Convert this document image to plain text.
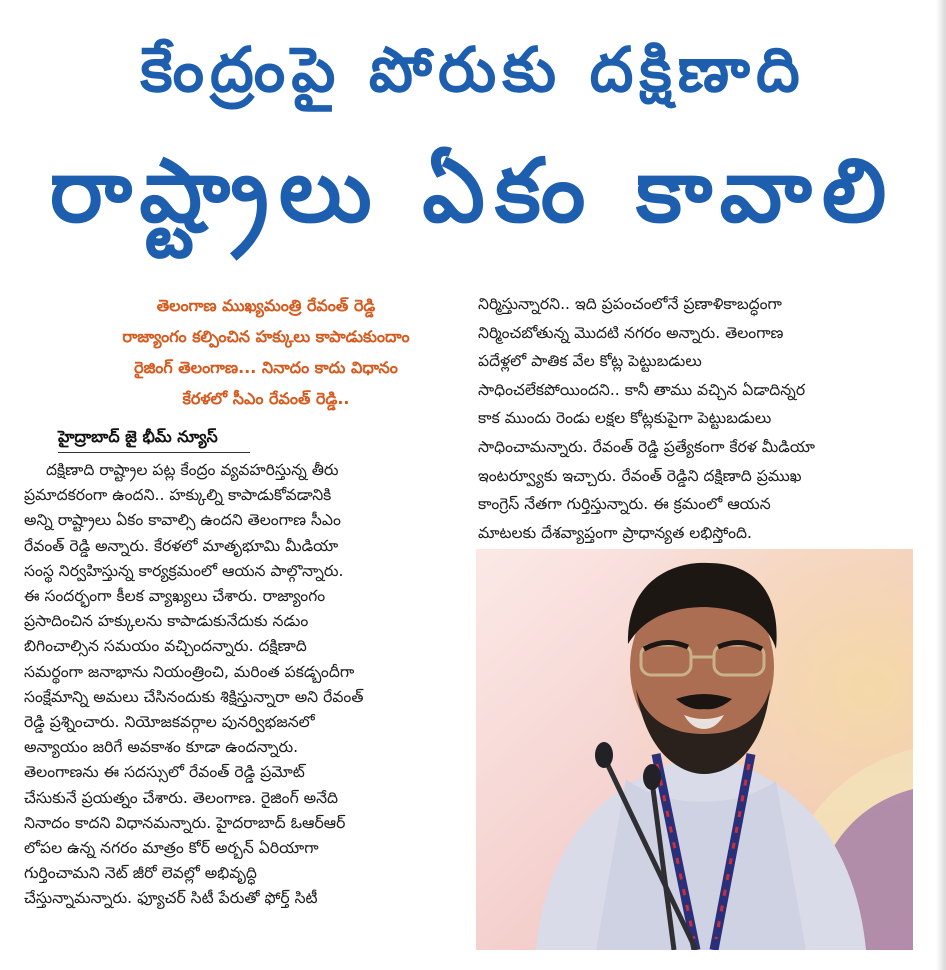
కేంద్రంపై పోరుకు దక్షిణాది
రాష్ట్రాలు ఏకం కావాలి
తెలంగాణ ముఖ్యమంత్రి రేవంత్ రెడ్డి
రాజ్యాంగం కల్పించిన హక్కులు కాపాడుకుందాం
రైజింగ్ తెలంగాణ... నినాదం కాదు విధానం
కేరళలో సీఎం రేవంత్ రెడ్డి..
హైద్రాబాద్ జై భీమ్ న్యూస్
దక్షిణాది రాష్ట్రాల పట్ల కేంద్రం వ్యవహరిస్తున్న తీరు
ప్రమాదకరంగా ఉందని.. హక్కుల్ని కాపాడుకోవడానికి
అన్ని రాష్ట్రాలు ఏకం కావాల్సి ఉందని తెలంగాణ సీఎం
రేవంత్ రెడ్డి అన్నారు. కేరళలో మాతృభూమి మీడియా
సంస్థ నిర్వహిస్తున్న కార్యక్రమంలో ఆయన పాల్గొన్నారు.
ఈ సందర్భంగా కీలక వ్యాఖ్యలు చేశారు. రాజ్యాంగం
ప్రసాదించిన హక్కులను కాపాడుకునేదుకు నడుం
బిగించాల్సిన సమయం వచ్చిందన్నారు. దక్షిణాది
సమర్థంగా జనాభాను నియంత్రించి, మరింత పకడ్బందీగా
సంక్షేమాన్ని అమలు చేసినందుకు శిక్షిస్తున్నారా అని రేవంత్
రెడ్డి ప్రశ్నించారు. నియోజకవర్గాల పునర్విభజనలో
అన్యాయం జరిగే అవకాశం కూడా ఉందన్నారు.
తెలంగాణను ఈ సదస్సులో రేవంత్ రెడ్డి ప్రమోట్
చేసుకునే ప్రయత్నం చేశారు. తెలంగాణ. రైజింగ్ అనేది
నినాదం కాదని విధానమన్నారు. హైదరాబాద్ ఓఆర్ఆర్
లోపల ఉన్న నగరం మాత్రం కోర్ అర్బన్ ఏరియాగా
గుర్తించామని నెట్ జీరో లెవల్లో అభివృద్ధి
చేస్తున్నామన్నారు. ఫ్యూచర్ సిటీ పేరుతో ఫోర్త్ సిటీ
నిర్మిస్తున్నారని.. ఇది ప్రపంచంలోనే ప్రణాళికాబద్ధంగా
నిర్మించబోతున్న మొదటి నగరం అన్నారు. తెలంగాణ
పదేళ్లలో పాతిక వేల కోట్ల పెట్టుబడులు
సాధించలేకపోయిందని.. కానీ తాము వచ్చిన ఏడాదిన్నర
కాక ముందు రెండు లక్షల కోట్లకుపైగా పెట్టుబడులు
సాధించామన్నారు. రేవంత్ రెడ్డి ప్రత్యేకంగా కేరళ మీడియా
ఇంటర్వ్యూకు ఇచ్చారు. రేవంత్ రెడ్డిని దక్షిణాది ప్రముఖ
కాంగ్రెస్ నేతగా గుర్తిస్తున్నారు. ఈ క్రమంలో ఆయన
మాటలకు దేశవ్యాప్తంగా ప్రాధాన్యత లభిస్తోంది.
